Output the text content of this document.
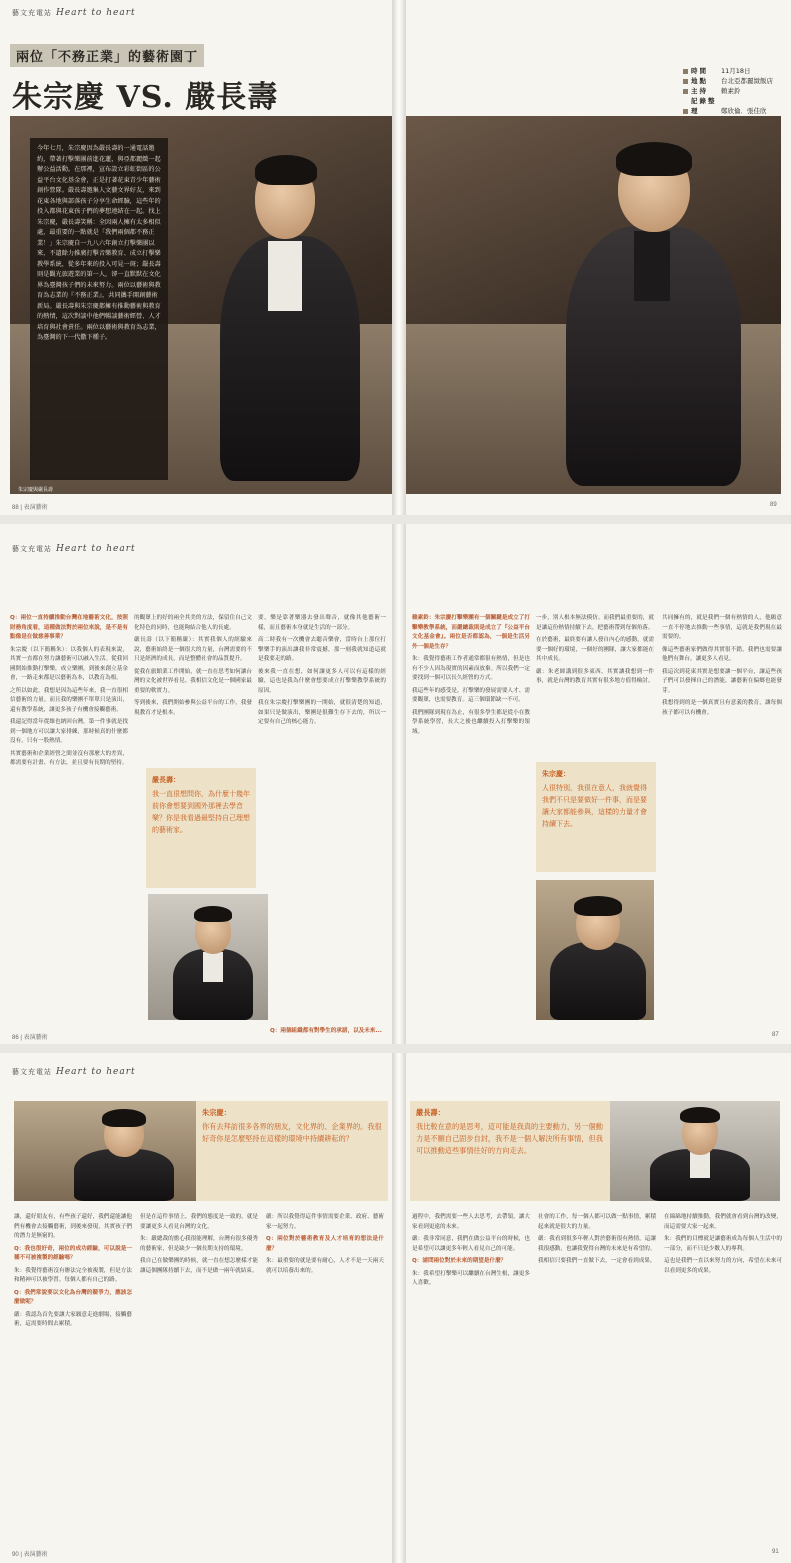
藝文充電站 Heart to heart
兩位「不務正業」的藝術園丁
朱宗慶 VS. 嚴長壽
時間 11月18日
地點 台北亞都麗緻飯店
主持 賴素鈴
記錄整理	鄭欣倫．張佳欣
今年七月，朱宗慶因為嚴長壽的一通電話邀約，帶著打擊樂團前進花蓮，與亞都麗緻一起辦公益活動。在那裡，宣布設立彩虹街區的公益平台文化基金會，正是打著花東青少年藝術創作營隊。嚴長壽邀集人文藝文界好友，來到花東各地與部落孩子分享生命經驗，這些年的投入都與花東孩子們的夢想連結在一起。找上朱宗慶，嚴長壽笑稱：全因兩人擁有太多相似處，最重要的一點就是「我們兩個都不務正業！」朱宗慶自一九八六年創立打擊樂團以來，不遺餘力推廣打擊音樂教育、成立打擊樂教學系統，從多年來的投入可見一斑；嚴長壽則是觀光旅遊業的第一人，卻一直默默在文化界為臺灣孩子們的未來努力。兩位以藝術與教育為志業的『不務正業』，共同攜手開創藝術新局。嚴長壽與朱宗慶都擁有推動藝術與教育的熱情，這次對談中他們暢談藝術經營、人才培育與社會責任。兩位以藝術與教育為志業，為臺灣的下一代撒下種子。
朱宗慶與嚴長壽
88 | 表演藝術	89
藝文充電站 Heart to heart
Q：兩位一直持續推動台灣在地藝術文化，按照財務角度看，這種做法對於兩位來說，是不是有點像是在做慈善事業？
朱宗慶（以下簡稱朱）：以我個人的表現來說，其實一直都在努力讓藝術可以融入生活。從我回國開始推動打擊樂，成立樂團，到後來創立基金會，一路走來都是以藝術為本，以教育為根。
之所以如此，我想是因為這些年來，我一直很相信藝術的力量。而且我的樂團不單單只是演出，還有教學系統，讓更多孩子有機會接觸藝術。
我還記得當年從維也納回台灣，第一件事就是找到一個地方可以讓大家排練，那時候真的什麼都沒有，只有一股熱情。
其實藝術和企業經營之間並沒有那麼大的差異，都需要有計畫、有方法，並且要有長期的堅持。
的觀眾上的好的兩全其美的方法，保留住自己文化特色的同時，也能夠結合他人的長處。
嚴長壽（以下簡稱嚴）：其實我個人的經驗來說，藝術始終是一個很大的力量，台灣需要的不只是經濟的成長，而是整體社會的品質提升。
從我在旅館業工作開始，就一直在思考如何讓台灣的文化被世界看見。我相信文化是一個國家最重要的軟實力。
等到後來，我們開始參與公益平台的工作，我發現教育才是根本。
要，樂是靠著樂器去發出聲音，就像其他藝術一樣，而且藝術本身就是生活的一部分。
高二時我有一次機會去聽音樂會，當時台上那位打擊樂手的演出讓我非常震撼，那一刻我就知道這就是我要走的路。
後來我一直在想，如何讓更多人可以有這樣的經驗，這也是我為什麼會想要成立打擊樂教學系統的原因。
我在朱宗慶打擊樂團的一開始，就很清楚的知道，如果只是做演出，樂團是很難生存下去的，所以一定要有自己的核心能力。
嚴長壽：
我一直很想問你，為什麼十幾年前你會想要到國外那裡去學音樂？你是我看過最堅持自己理想的藝術家。
Q：兩個組織都有對學生的承諾，以及未來...
賴素鈴：朱宗慶打擊樂團有一個關鍵是成立了打擊樂教學系統，而嚴總裁則是成立了『公益平台文化基金會』。兩位是否都認為，一個是生活另外一個是生存？
朱：我覺得藝術工作者通常都很有熱情，但是也有不少人因為現實的因素而放棄。所以我們一定要找到一個可以長久經營的方式。
我這些年的感受是，打擊樂的發展需要人才、需要觀眾，也需要教育。這三個環節缺一不可。
我們團隊到現在為止，有很多學生都是從小在教學系統學習，長大之後也繼續投入打擊樂的領域。
一步，別人根本無法模仿。而我們最重要的，就是讓這份熱情持續下去，把藝術帶到每個角落。
在於藝術，最終要有讓人發自內心的感動，就需要一個好的環境，一個好的團隊，讓大家都能在其中成長。
嚴：朱老師講到很多東西，其實讓我想到一件事，就是台灣的教育其實有很多地方值得檢討。
共同擁有的，就是我們一個有熱情的人，他願意一直不停地去推動一些事情，這就是我們現在最需要的。
像這些藝術家們做得其實很不錯，我們也需要讓他們有舞台，讓更多人看見。
我這次到花東其實是想要讓一個平台，讓這些孩子們可以發揮自己的潛能，讓藝術在偏鄉也能發芽。
我想得到的是一個真實且有意義的教育，讓每個孩子都可以有機會。
朱宗慶：
人很特別，我很在意人，我就覺得我們不只是要做好一件事，而是要讓大家都能參與，這樣的力量才會持續下去。
86 | 表演藝術	87
藝文充電站 Heart to heart
朱宗慶：
你有去拜訪很多各界的朋友，文化界的、企業界的。我很好奇你是怎麼堅持在這樣的環境中持續耕耘的？
讓，還好朋友有，有些孩子還好，我們還能讓他們有機會去接觸藝術，到後來發現，其實孩子們的潛力是無窮的。
Q：我也很好奇，兩位的成功經驗，可以說是一種不可被複製的經驗嗎？
朱：我覺得藝術沒有辦法完全被複製，但是方法和精神可以被學習。每個人都有自己的路。
Q：我們常說要以文化為台灣的競爭力，應該怎麼做呢？
嚴：我認為首先要讓大家願意走進劇場，接觸藝術，這需要時間去累積。
但是在這件事情上，我們的態度是一致的，就是要讓更多人看見台灣的文化。
朱：嚴總裁的擔心我很能理解，台灣有很多優秀的藝術家，但是缺少一個長期支持的環境。
我自己在做樂團的時候，就一直在想怎麼樣才能讓這個團隊持續下去，而不是做一兩年就結束。
嚴：所以我覺得這件事情需要企業、政府、藝術家一起努力。
Q：兩位對於藝術教育及人才培育的想法是什麼？
朱：最重要的就是要有耐心，人才不是一天兩天就可以培養出來的。
嚴長壽：
我比較在意的是思考，這可能是我真的主要動力，另一個動力是不願自己固步自封，我不是一個人解決所有事情，但我可以推動這些事情往好的方向走去。
過程中，我們需要一些人去思考，去帶領，讓大家看到更遠的未來。
嚴：我非常同意，我們在做公益平台的時候，也是希望可以讓更多年輕人看見自己的可能。
Q：請問兩位對於未來的期望是什麼？
朱：我希望打擊樂可以繼續在台灣生根，讓更多人喜歡。
社會的工作，每一個人都可以做一點事情，累積起來就是很大的力量。
嚴：我看到很多年輕人對於藝術很有熱情，這讓我很感動，也讓我覺得台灣的未來是有希望的。
我相信只要我們一直做下去，一定會看到成果。
在綿綿地持續推動，我們就會看到台灣的改變，而這需要大家一起來。
朱：我們的目標就是讓藝術成為每個人生活中的一部分，而不只是少數人的專利。
這也是我們一直以來努力的方向，希望在未來可以看到更多的成果。
90 | 表演藝術	91
